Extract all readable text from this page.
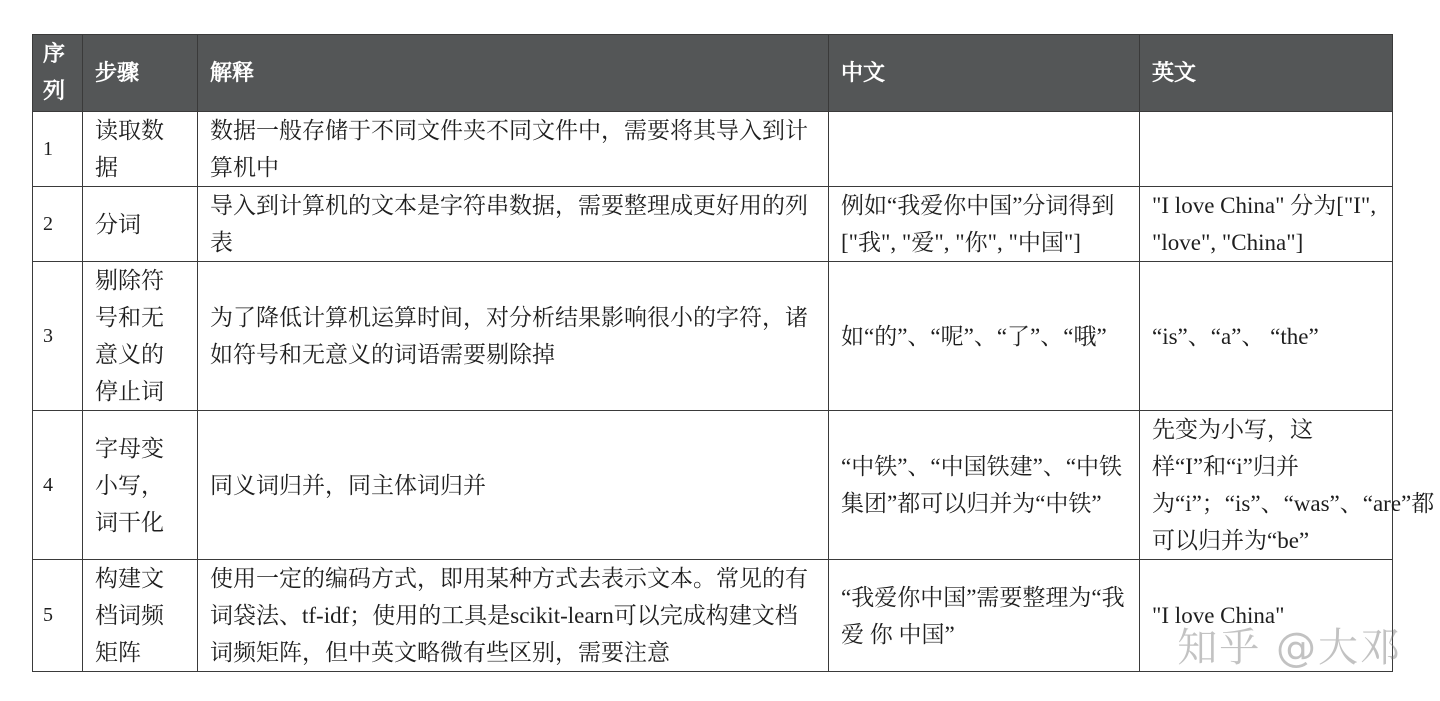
序列	步骤	解释	中文	英文
1	读取数据	数据一般存储于不同文件夹不同文件中，需要将其导入到计算机中		
2	分词	导入到计算机的文本是字符串数据，需要整理成更好用的列表	例如“我爱你中国”分词得到["我", "爱", "你", "中国"]	"I love China" 分为["I", "love", "China"]
3	剔除符号和无意义的停止词	为了降低计算机运算时间，对分析结果影响很小的字符，诸如符号和无意义的词语需要剔除掉	如“的”、“呢”、“了”、“哦”	“is”、“a”、 “the”
4	字母变小写，词干化	同义词归并，同主体词归并	“中铁”、“中国铁建”、“中铁集团”都可以归并为“中铁”	先变为小写，这样“I”和“i”归并为“i”；“is”、“was”、“are”都可以归并为“be”
5	构建文档词频矩阵	使用一定的编码方式，即用某种方式去表示文本。常见的有词袋法、tf-idf；使用的工具是scikit-learn可以完成构建文档词频矩阵，但中英文略微有些区别，需要注意	“我爱你中国”需要整理为“我 爱 你 中国”	"I love China"
知乎 @大邓
